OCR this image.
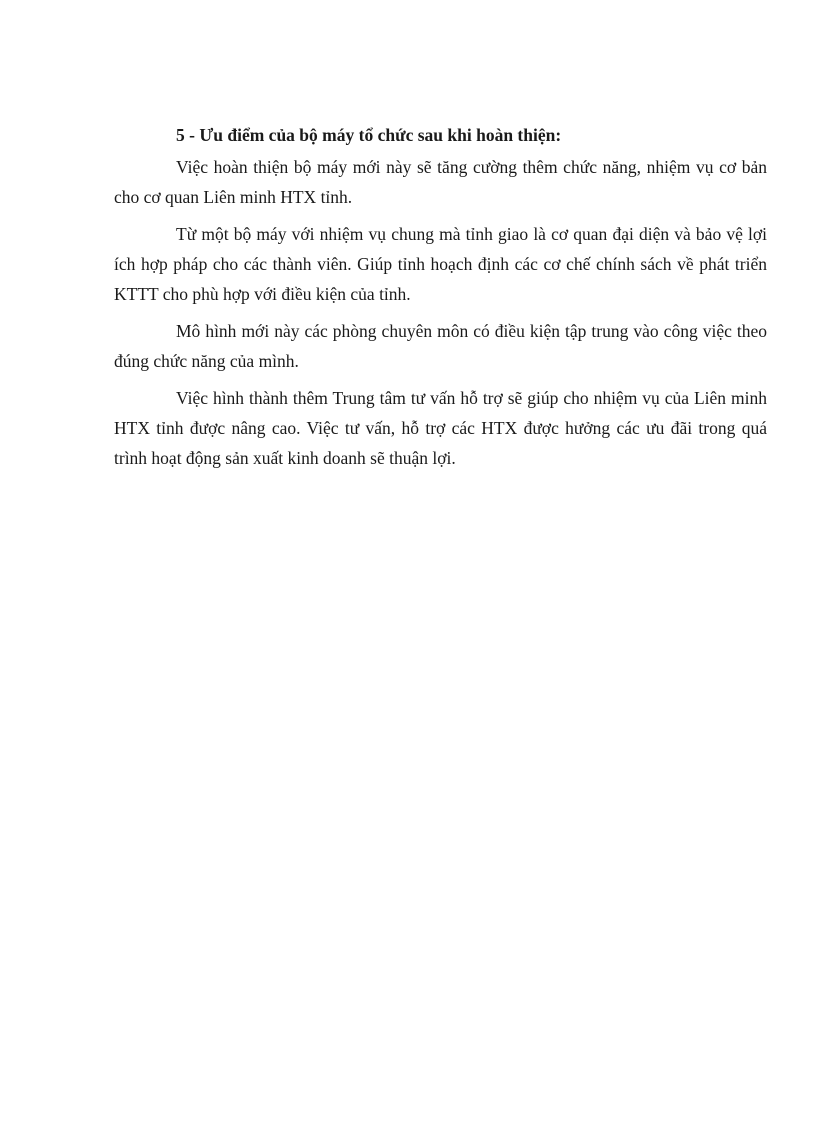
5 - Ưu điểm của bộ máy tổ chức sau khi hoàn thiện:

Việc hoàn thiện bộ máy mới này sẽ tăng cường thêm chức năng, nhiệm vụ cơ bản cho cơ quan Liên minh HTX tỉnh.

Từ một bộ máy với nhiệm vụ chung mà tỉnh giao là cơ quan đại diện và bảo vệ lợi ích hợp pháp cho các thành viên. Giúp tỉnh hoạch định các cơ chế chính sách về phát triển KTTT cho phù hợp với điều kiện của tỉnh.

Mô hình mới này các phòng chuyên môn có điều kiện tập trung vào công việc theo đúng chức năng của mình.

Việc hình thành thêm Trung tâm tư vấn hỗ trợ sẽ giúp cho nhiệm vụ của Liên minh HTX tỉnh được nâng cao. Việc tư vấn, hỗ trợ các HTX được hưởng các ưu đãi trong quá trình hoạt động sản xuất kinh doanh sẽ thuận lợi.
